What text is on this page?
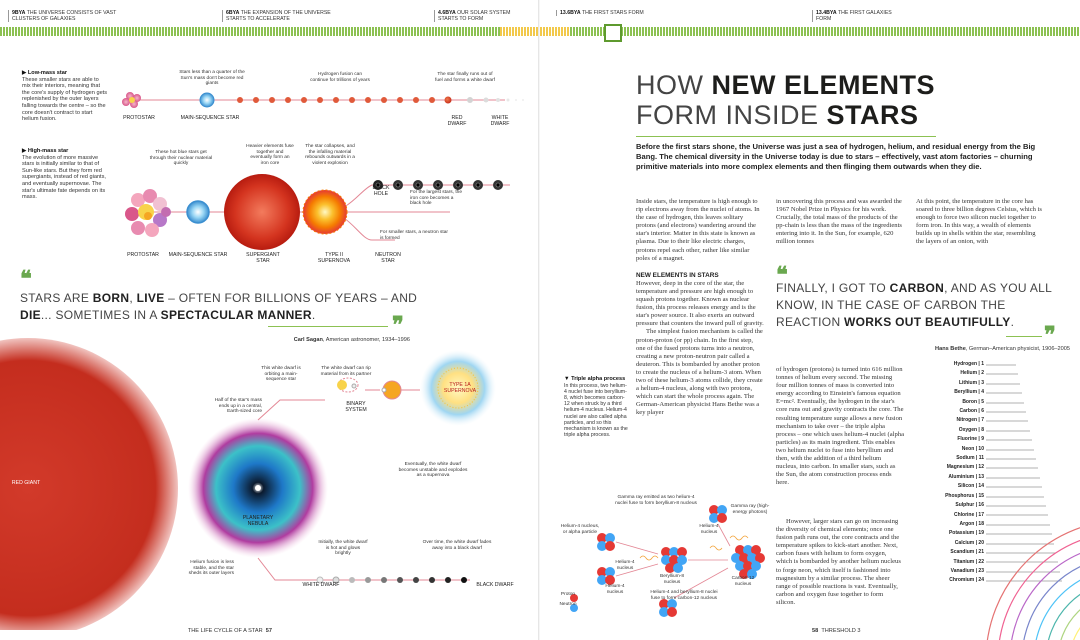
9BYA THE UNIVERSE CONSISTS OF VAST CLUSTERS OF GALAXIES
6BYA THE EXPANSION OF THE UNIVERSE STARTS TO ACCELERATE
4.6BYA OUR SOLAR SYSTEM STARTS TO FORM
▶ Low-mass star
These smaller stars are able to mix their interiors, meaning that the core's supply of hydrogen gets replenished by the outer layers falling towards the centre – so the core doesn't contract to start helium fusion.
Stars less than a quarter of the Sun's mass don't become red giants
Hydrogen fusion can continue for trillions of years
The star finally runs out of fuel and forms a white dwarf
PROTOSTAR	MAIN-SEQUENCE STAR	RED DWARF
WHITE DWARF
▶ High-mass star
The evolution of more massive stars is initially similar to that of Sun-like stars. But they form red supergiants, instead of red giants, and eventually supernovae. The star's ultimate fate depends on its mass.
These hot blue stars get through their nuclear material quickly
Heavier elements fuse together and eventually form an iron core
The star collapses, and the infalling material rebounds outwards in a violent explosion
For the largest stars, the iron core becomes a black hole
For smaller stars, a neutron star is formed
PROTOSTAR	MAIN-SEQUENCE STAR	SUPERGIANT STAR
TYPE II SUPERNOVA
BLACK HOLE
NEUTRON STAR
❝
STARS ARE BORN, LIVE – OFTEN FOR BILLIONS OF YEARS – AND DIE... SOMETIMES IN A SPECTACULAR MANNER.	❞
Carl Sagan, American astronomer, 1934–1996
RED GIANT
PLANETARY NEBULA
WHITE DWARF	BLACK DWARF
BINARY SYSTEM
TYPE 1A SUPERNOVA
This white dwarf is orbiting a main-sequence star
The white dwarf can rip material from its partner
Half of the star's mass ends up in a central, Earth-sized core
Eventually, the white dwarf becomes unstable and explodes as a supernova
Helium fusion is less stable, and the star sheds its outer layers
Initially, the white dwarf is hot and glows brightly
Over time, the white dwarf fades away into a black dwarf
THE LIFE CYCLE OF A STAR 57
13.6BYA THE FIRST STARS FORM	13.4BYA THE FIRST GALAXIES FORM
HOW NEW ELEMENTS
FORM INSIDE STARS
Before the first stars shone, the Universe was just a sea of hydrogen, helium, and residual energy from the Big Bang. The chemical diversity in the Universe today is due to stars – effectively, vast atom factories – churning primitive materials into more complex elements and then flinging them outwards when they die.
Inside stars, the temperature is high enough to rip electrons away from the nuclei of atoms. In the case of hydrogen, this leaves solitary protons (and electrons) wandering around the star's interior. Matter in this state is known as plasma. Due to their like electric charges, protons repel each other, rather like similar poles of a magnet.
NEW ELEMENTS IN STARS
However, deep in the core of the star, the temperature and pressure are high enough to squash protons together. Known as nuclear fusion, this process releases energy and is the star's power source. It also exerts an outward pressure that counters the inward pull of gravity.
The simplest fusion mechanism is called the proton-proton (or pp) chain. In the first step, one of the fused protons turns into a neutron, creating a new proton-neutron pair called a deuteron. This is bombarded by another proton to create the nucleus of a helium-3 atom. When two of these helium-3 atoms collide, they create a helium-4 nucleus, along with two protons, which can start the whole process again. The German-American physicist Hans Bethe was a key player
in uncovering this process and was awarded the 1967 Nobel Prize in Physics for his work. Crucially, the total mass of the products of the pp-chain is less than the mass of the ingredients entering into it. In the Sun, for example, 620 million tonnes
At this point, the temperature in the core has soared to three billion degrees Celsius, which is enough to force two silicon nuclei together to form iron. In this way, a wealth of elements builds up in shells within the star, resembling the layers of an onion, with
❝
FINALLY, I GOT TO CARBON, AND AS YOU ALL KNOW, IN THE CASE OF CARBON THE REACTION WORKS OUT BEAUTIFULLY.	❞
Hans Bethe, German–American physicist, 1906–2005
▼ Triple alpha process
In this process, two helium-4 nuclei fuse into beryllium-8, which becomes carbon-12 when struck by a third helium-4 nucleus. Helium-4 nuclei are also called alpha particles, and so this mechanism is known as the triple alpha process.
Gamma ray emitted as two helium-4 nuclei fuse to form beryllium-8 nucleus
Helium-4 nucleus, or alpha particle
Helium-4 nucleus
Gamma ray (high-energy photons)
Helium-4 nucleus
Proton
Neutron
Beryllium-8 nucleus
Carbon-12 nucleus
Helium-4 nucleus	Helium-4 and beryllium-8 nuclei fuse to form carbon-12 nucleus
of hydrogen (protons) is turned into 616 million tonnes of helium every second. The missing four million tonnes of mass is converted into energy according to Einstein's famous equation E=mc². Eventually, the hydrogen in the star's core runs out and gravity contracts the core. The resulting temperature surge allows a new fusion mechanism to take over – the triple alpha process – one which uses helium-4 nuclei (alpha particles) as its main ingredient. This enables two helium nuclei to fuse into beryllium and then, with the addition of a third helium nucleus, into carbon. In smaller stars, such as the Sun, the atom construction process ends here.
However, larger stars can go on increasing the diversity of chemical elements; once one fusion path runs out, the core contracts and the temperature spikes to kick-start another. Next, carbon fuses with helium to form oxygen, which is bombarded by another helium nucleus to forge neon, which itself is fashioned into magnesium by a similar process. The sheer range of possible reactions is vast. Eventually, carbon and oxygen fuse together to form silicon.
Hydrogen | 1
Helium | 2
Lithium | 3
Beryllium | 4
Boron | 5
Carbon | 6
Nitrogen | 7
Oxygen | 8
Fluorine | 9
Neon | 10
Sodium | 11
Magnesium | 12
Aluminium | 13
Silicon | 14
Phosphorus | 15
Sulphur | 16
Chlorine | 17
Argon | 18
Potassium | 19
Calcium | 20
Scandium | 21
Titanium | 22
Vanadium | 23
Chromium | 24
58 THRESHOLD 3
